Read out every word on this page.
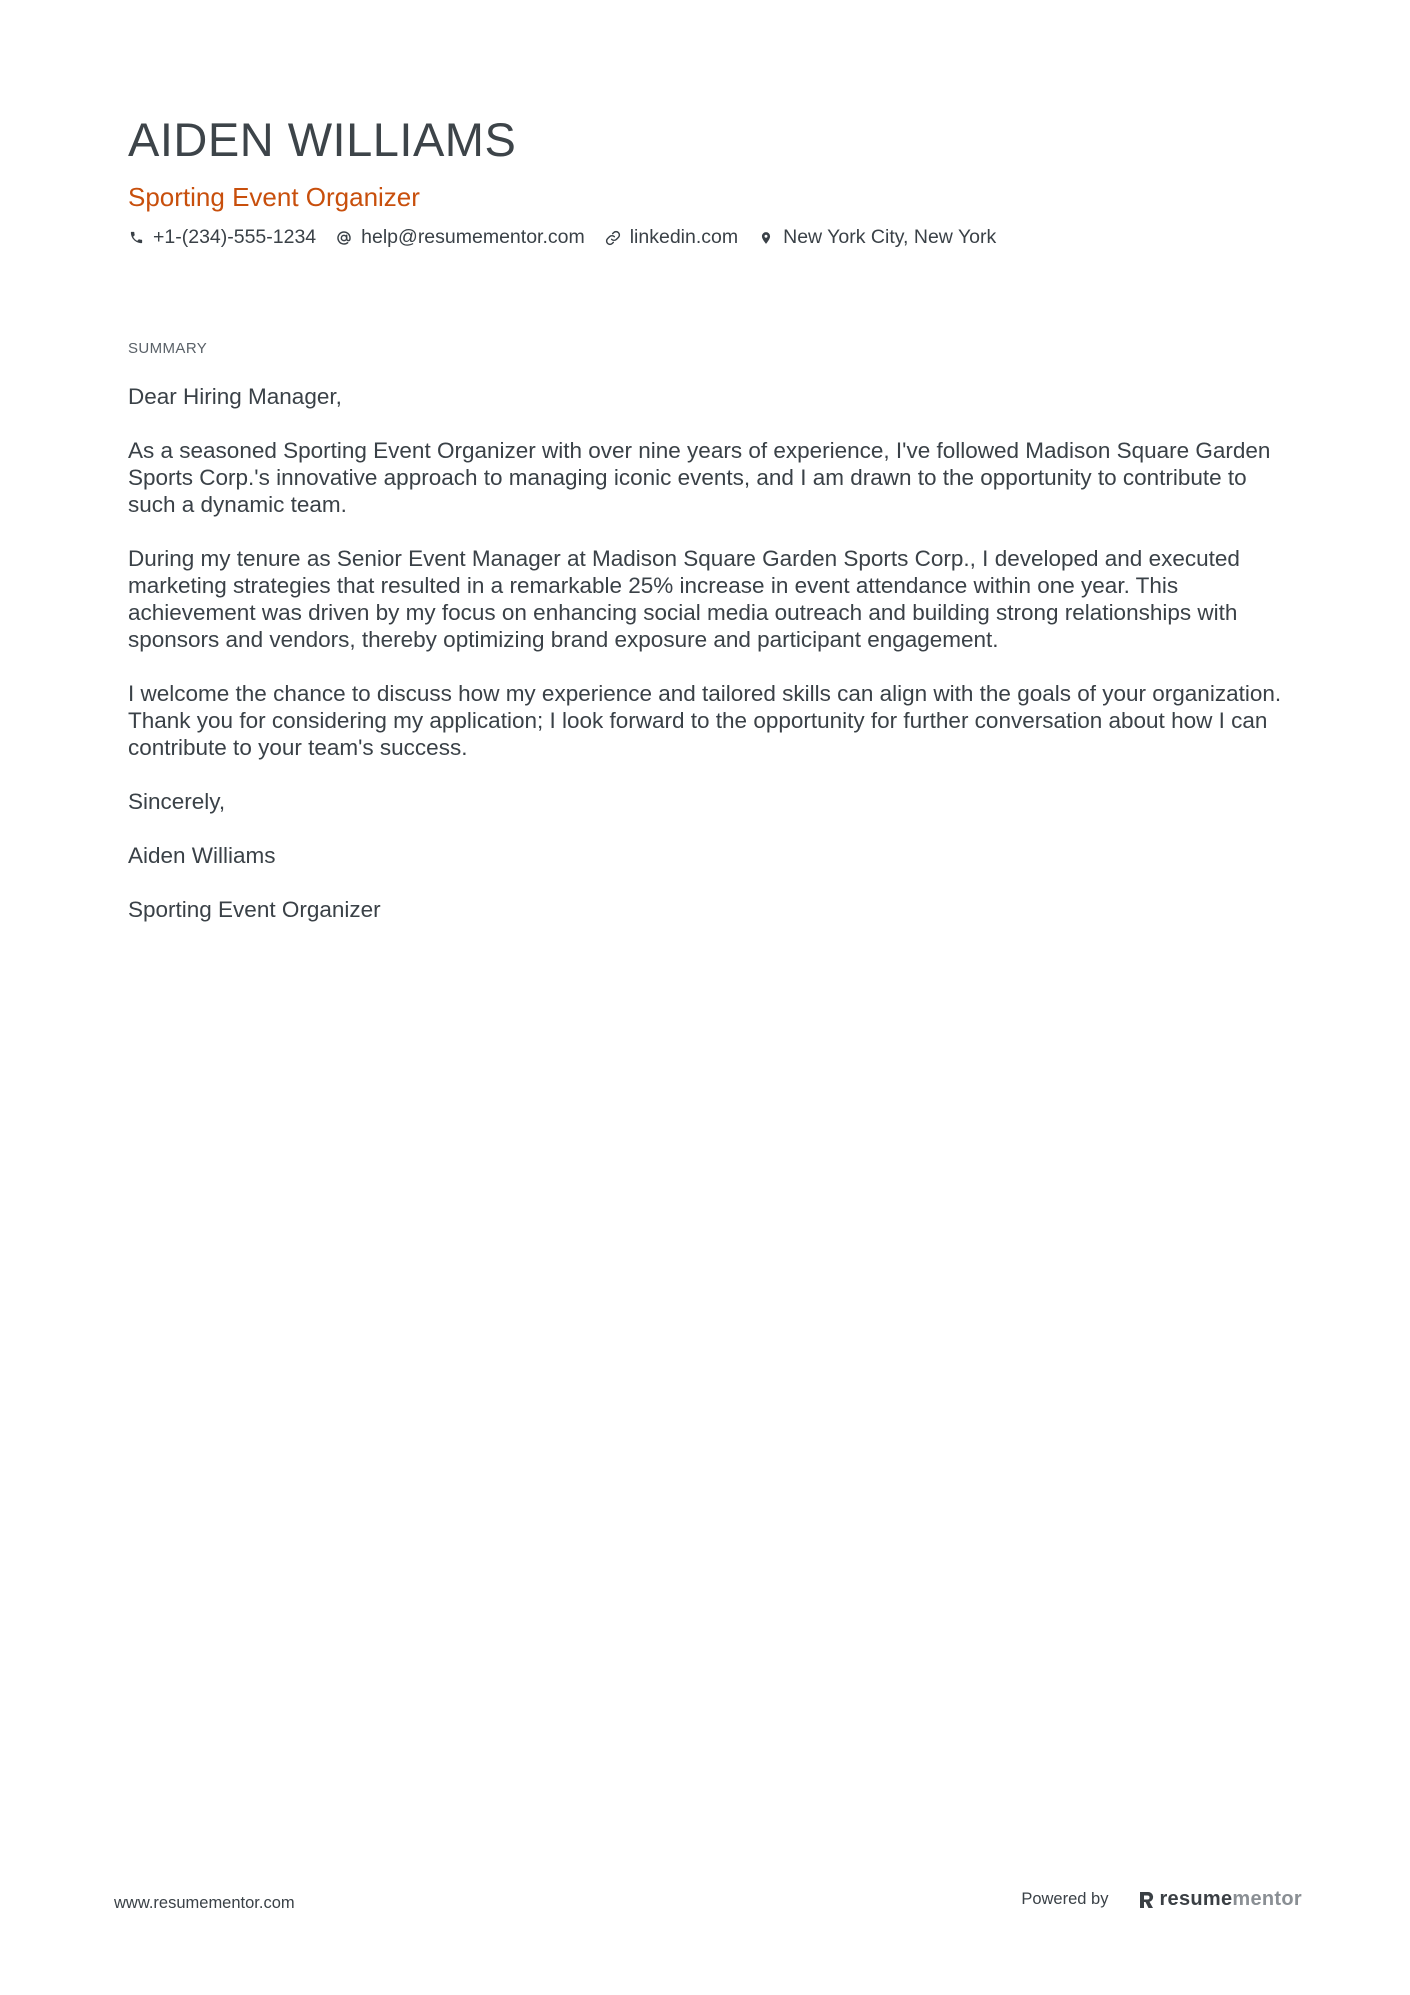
AIDEN WILLIAMS
Sporting Event Organizer
+1-(234)-555-1234 help@resumementor.com linkedin.com New York City, New York
SUMMARY

Dear Hiring Manager,

As a seasoned Sporting Event Organizer with over nine years of experience, I've followed Madison Square Garden Sports Corp.'s innovative approach to managing iconic events, and I am drawn to the opportunity to contribute to such a dynamic team.

During my tenure as Senior Event Manager at Madison Square Garden Sports Corp., I developed and executed marketing strategies that resulted in a remarkable 25% increase in event attendance within one year. This achievement was driven by my focus on enhancing social media outreach and building strong relationships with sponsors and vendors, thereby optimizing brand exposure and participant engagement.

I welcome the chance to discuss how my experience and tailored skills can align with the goals of your organization. Thank you for considering my application; I look forward to the opportunity for further conversation about how I can contribute to your team's success.

Sincerely,

Aiden Williams

Sporting Event Organizer

www.resumementor.com	Powered by	resume mentor
